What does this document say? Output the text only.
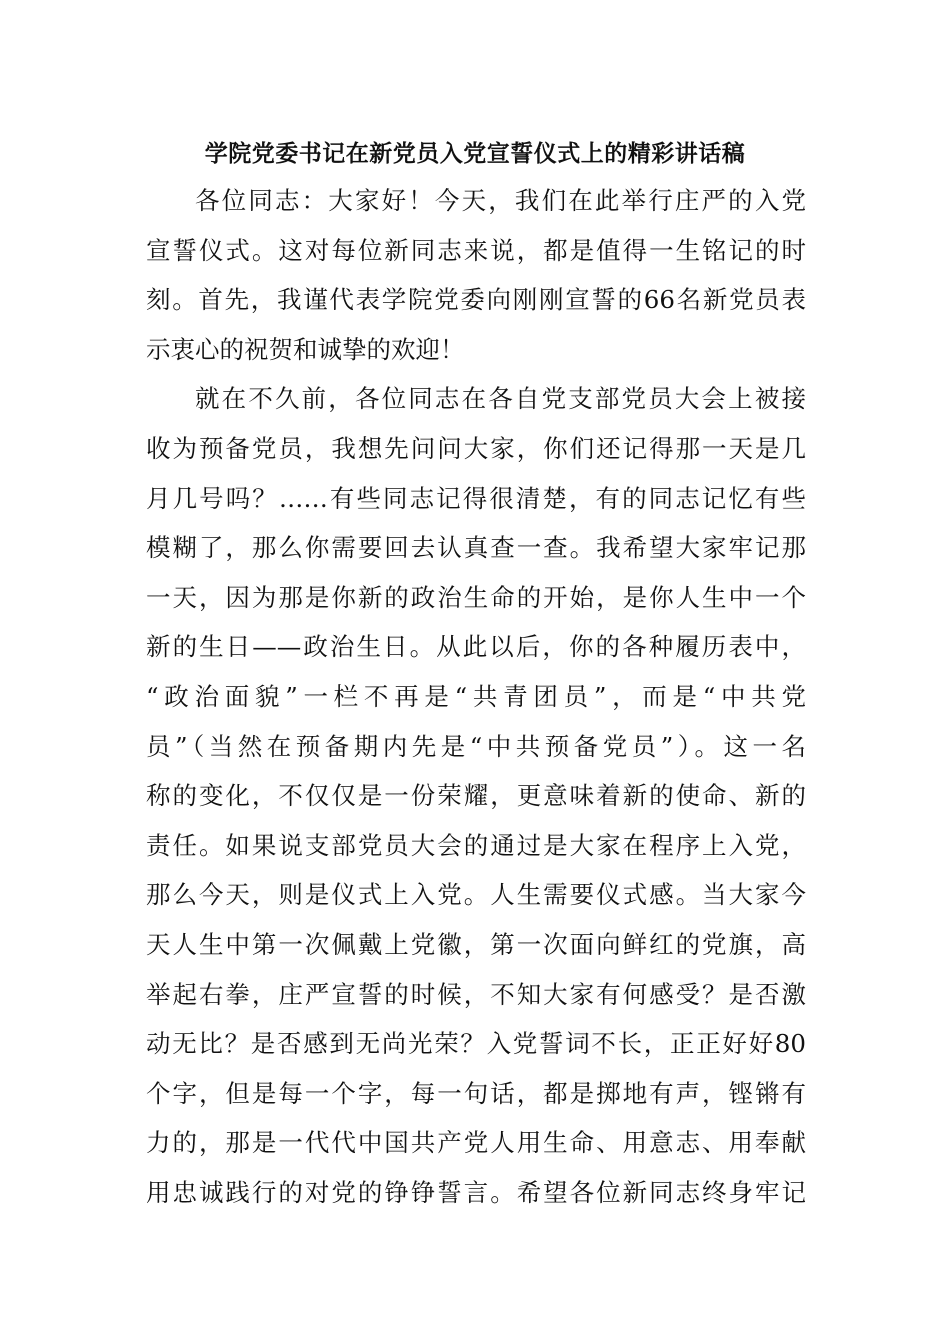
学院党委书记在新党员入党宣誓仪式上的精彩讲话稿
各位同志：大家好！今天，我们在此举行庄严的入党
宣誓仪式。这对每位新同志来说，都是值得一生铭记的时
刻。首先，我谨代表学院党委向刚刚宣誓的66名新党员表
示衷心的祝贺和诚挚的欢迎！
就在不久前，各位同志在各自党支部党员大会上被接
收为预备党员，我想先问问大家，你们还记得那一天是几
月几号吗？……有些同志记得很清楚，有的同志记忆有些
模糊了，那么你需要回去认真查一查。我希望大家牢记那
一天，因为那是你新的政治生命的开始，是你人生中一个
新的生日——政治生日。从此以后，你的各种履历表中，
“政治面貌”一栏不再是“共青团员”，而是“中共党
员”（当然在预备期内先是“中共预备党员”）。这一名
称的变化，不仅仅是一份荣耀，更意味着新的使命、新的
责任。如果说支部党员大会的通过是大家在程序上入党，
那么今天，则是仪式上入党。人生需要仪式感。当大家今
天人生中第一次佩戴上党徽，第一次面向鲜红的党旗，高
举起右拳，庄严宣誓的时候，不知大家有何感受？是否激
动无比？是否感到无尚光荣？入党誓词不长，正正好好80
个字，但是每一个字，每一句话，都是掷地有声，铿锵有
力的，那是一代代中国共产党人用生命、用意志、用奉献
用忠诚践行的对党的铮铮誓言。希望各位新同志终身牢记
